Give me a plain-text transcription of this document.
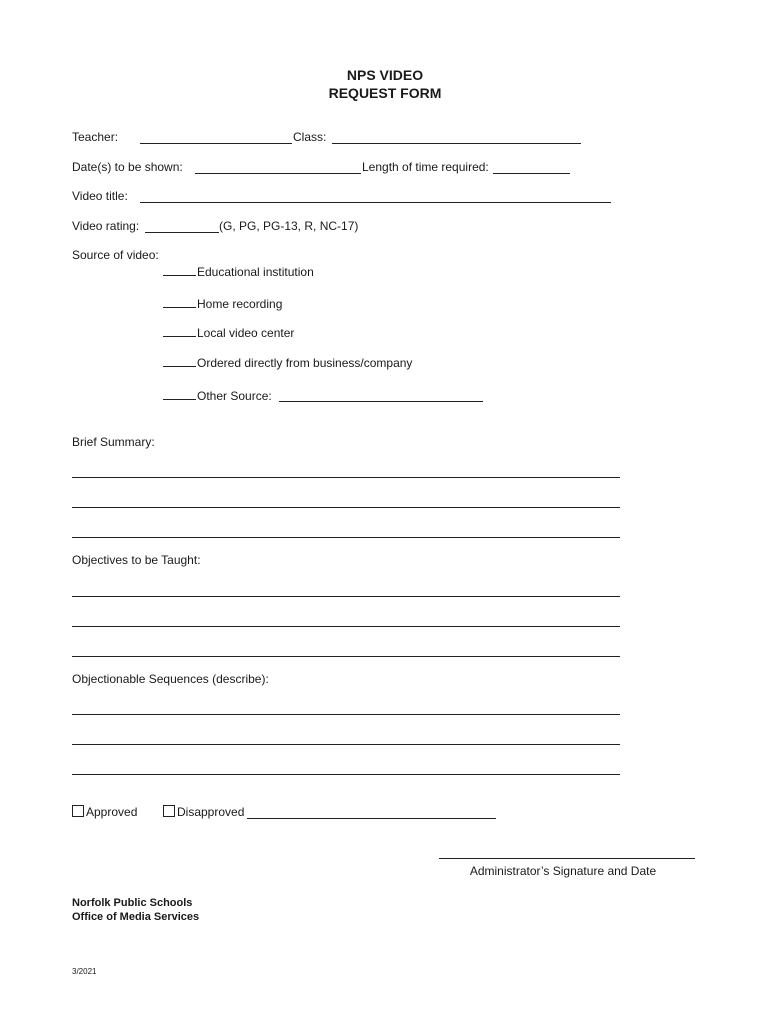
NPS VIDEO
REQUEST FORM
Teacher:	Class:
Date(s) to be shown:	Length of time required:
Video title:
Video rating:	(G, PG, PG-13, R, NC-17)
Source of video:
Educational institution
Home recording
Local video center
Ordered directly from business/company
Other Source:
Brief Summary:
Objectives to be Taught:
Objectionable Sequences (describe):
Approved	Disapproved
Administrator’s Signature and Date
Norfolk Public Schools
Office of Media Services
3/2021
